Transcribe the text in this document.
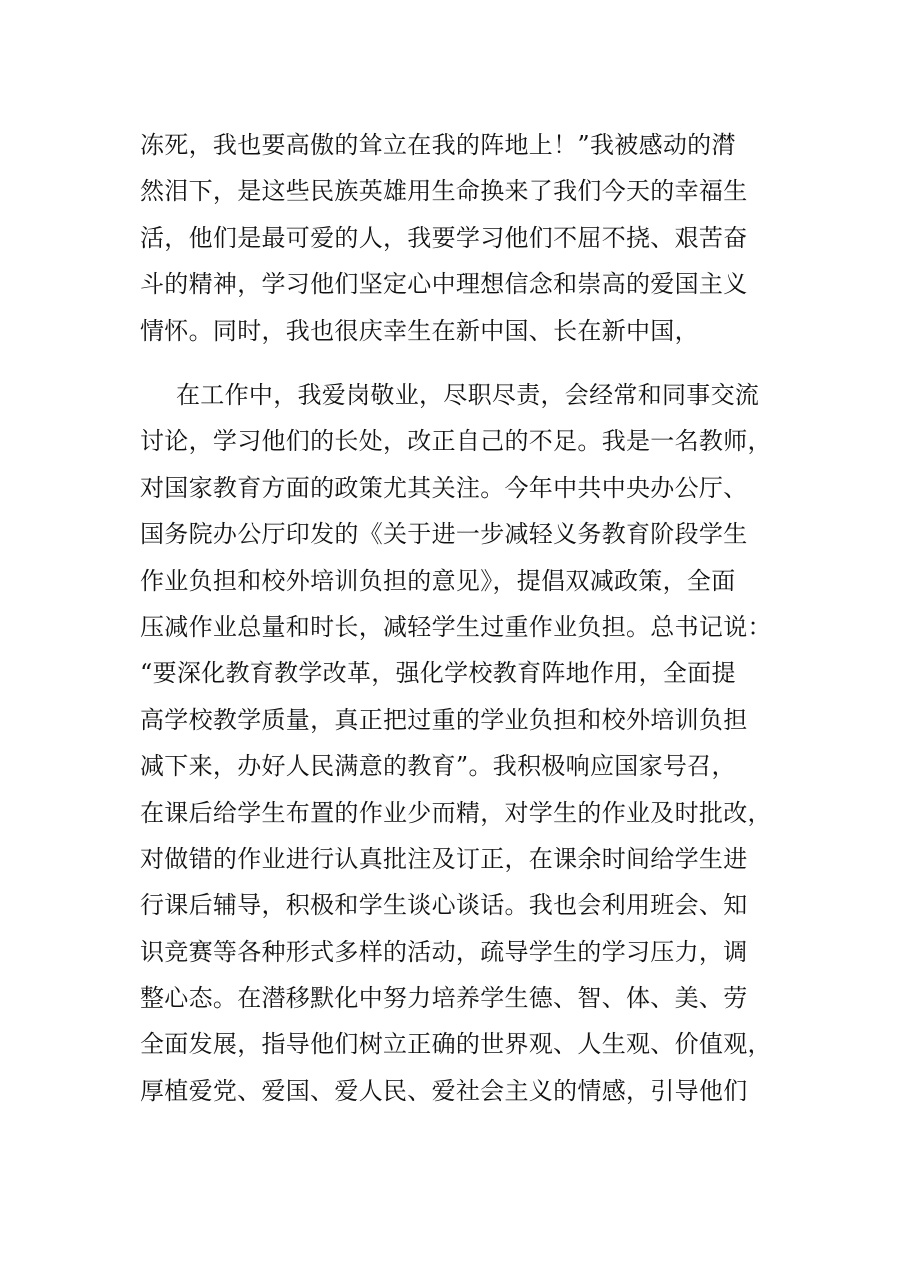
冻死，我也要高傲的耸立在我的阵地上！”我被感动的潸
然泪下，是这些民族英雄用生命换来了我们今天的幸福生
活，他们是最可爱的人，我要学习他们不屈不挠、艰苦奋
斗的精神，学习他们坚定心中理想信念和崇高的爱国主义
情怀。同时，我也很庆幸生在新中国、长在新中国，
在工作中，我爱岗敬业，尽职尽责，会经常和同事交流
讨论，学习他们的长处，改正自己的不足。我是一名教师，
对国家教育方面的政策尤其关注。今年中共中央办公厅、
国务院办公厅印发的《关于进一步减轻义务教育阶段学生
作业负担和校外培训负担的意见》，提倡双减政策，全面
压减作业总量和时长，减轻学生过重作业负担。总书记说：
“要深化教育教学改革，强化学校教育阵地作用，全面提
高学校教学质量，真正把过重的学业负担和校外培训负担
减下来，办好人民满意的教育”。我积极响应国家号召，
在课后给学生布置的作业少而精，对学生的作业及时批改，
对做错的作业进行认真批注及订正，在课余时间给学生进
行课后辅导，积极和学生谈心谈话。我也会利用班会、知
识竞赛等各种形式多样的活动，疏导学生的学习压力，调
整心态。在潜移默化中努力培养学生德、智、体、美、劳
全面发展，指导他们树立正确的世界观、人生观、价值观，
厚植爱党、爱国、爱人民、爱社会主义的情感，引导他们
